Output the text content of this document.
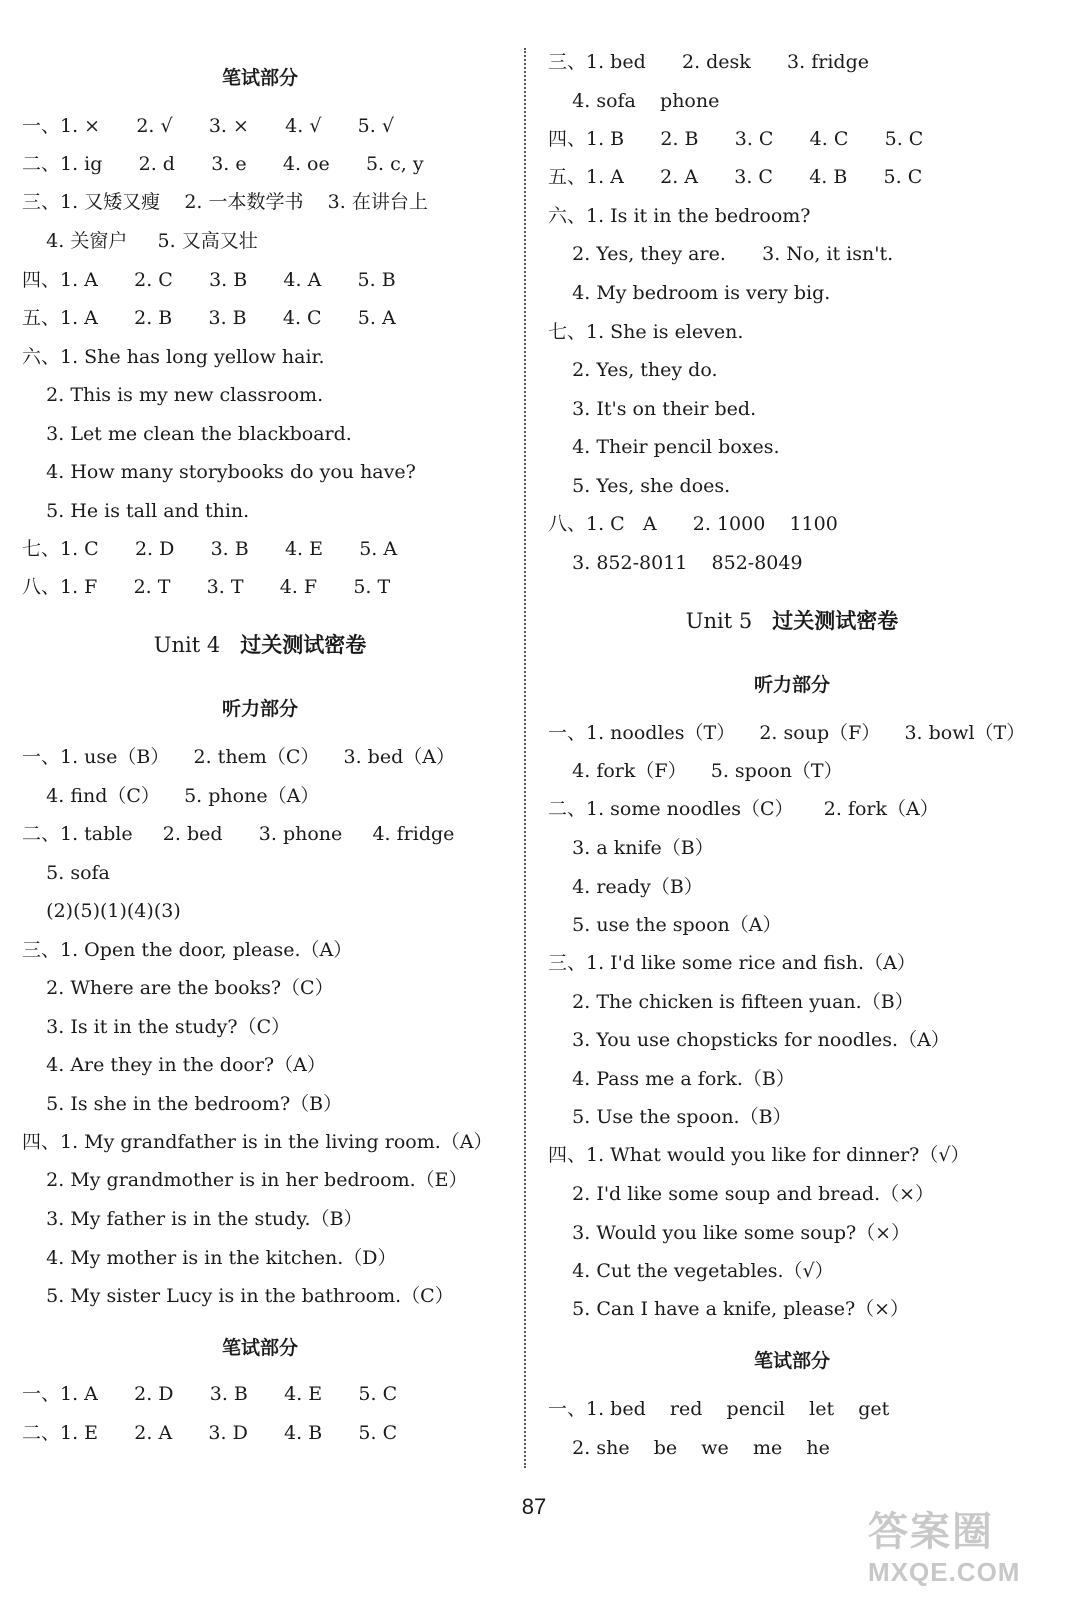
笔试部分
一、1. ×      2. √      3. ×      4. √      5. √
二、1. ig      2. d      3. e      4. oe      5. c, y
三、1. 又矮又瘦    2. 一本数学书    3. 在讲台上
4. 关窗户     5. 又高又壮
四、1. A      2. C      3. B      4. A      5. B
五、1. A      2. B      3. B      4. C      5. A
六、1. She has long yellow hair.
2. This is my new classroom.
3. Let me clean the blackboard.
4. How many storybooks do you have?
5. He is tall and thin.
七、1. C      2. D      3. B      4. E      5. A
八、1. F      2. T      3. T      4. F      5. T
Unit 4 过关测试密卷
听力部分
一、1. use（B）    2. them（C）    3. bed（A）
4. find（C）    5. phone（A）
二、1. table     2. bed      3. phone     4. fridge
5. sofa
(2)(5)(1)(4)(3)
三、1. Open the door, please.（A）
2. Where are the books?（C）
3. Is it in the study?（C）
4. Are they in the door?（A）
5. Is she in the bedroom?（B）
四、1. My grandfather is in the living room.（A）
2. My grandmother is in her bedroom.（E）
3. My father is in the study.（B）
4. My mother is in the kitchen.（D）
5. My sister Lucy is in the bathroom.（C）
笔试部分
一、1. A      2. D      3. B      4. E      5. C
二、1. E      2. A      3. D      4. B      5. C
三、1. bed      2. desk      3. fridge
4. sofa    phone
四、1. B      2. B      3. C      4. C      5. C
五、1. A      2. A      3. C      4. B      5. C
六、1. Is it in the bedroom?
2. Yes, they are.      3. No, it isn't.
4. My bedroom is very big.
七、1. She is eleven.
2. Yes, they do.
3. It's on their bed.
4. Their pencil boxes.
5. Yes, she does.
八、1. C   A      2. 1000    1100
3. 852-8011    852-8049
Unit 5 过关测试密卷
听力部分
一、1. noodles（T）    2. soup（F）    3. bowl（T）
4. fork（F）    5. spoon（T）
二、1. some noodles（C）     2. fork（A）
3. a knife（B）
4. ready（B）
5. use the spoon（A）
三、1. I'd like some rice and fish.（A）
2. The chicken is fifteen yuan.（B）
3. You use chopsticks for noodles.（A）
4. Pass me a fork.（B）
5. Use the spoon.（B）
四、1. What would you like for dinner?（√）
2. I'd like some soup and bread.（×）
3. Would you like some soup?（×）
4. Cut the vegetables.（√）
5. Can I have a knife, please?（×）
笔试部分
一、1. bed    red    pencil    let    get
2. she    be    we    me    he
87
答案圈
MXQE.COM
